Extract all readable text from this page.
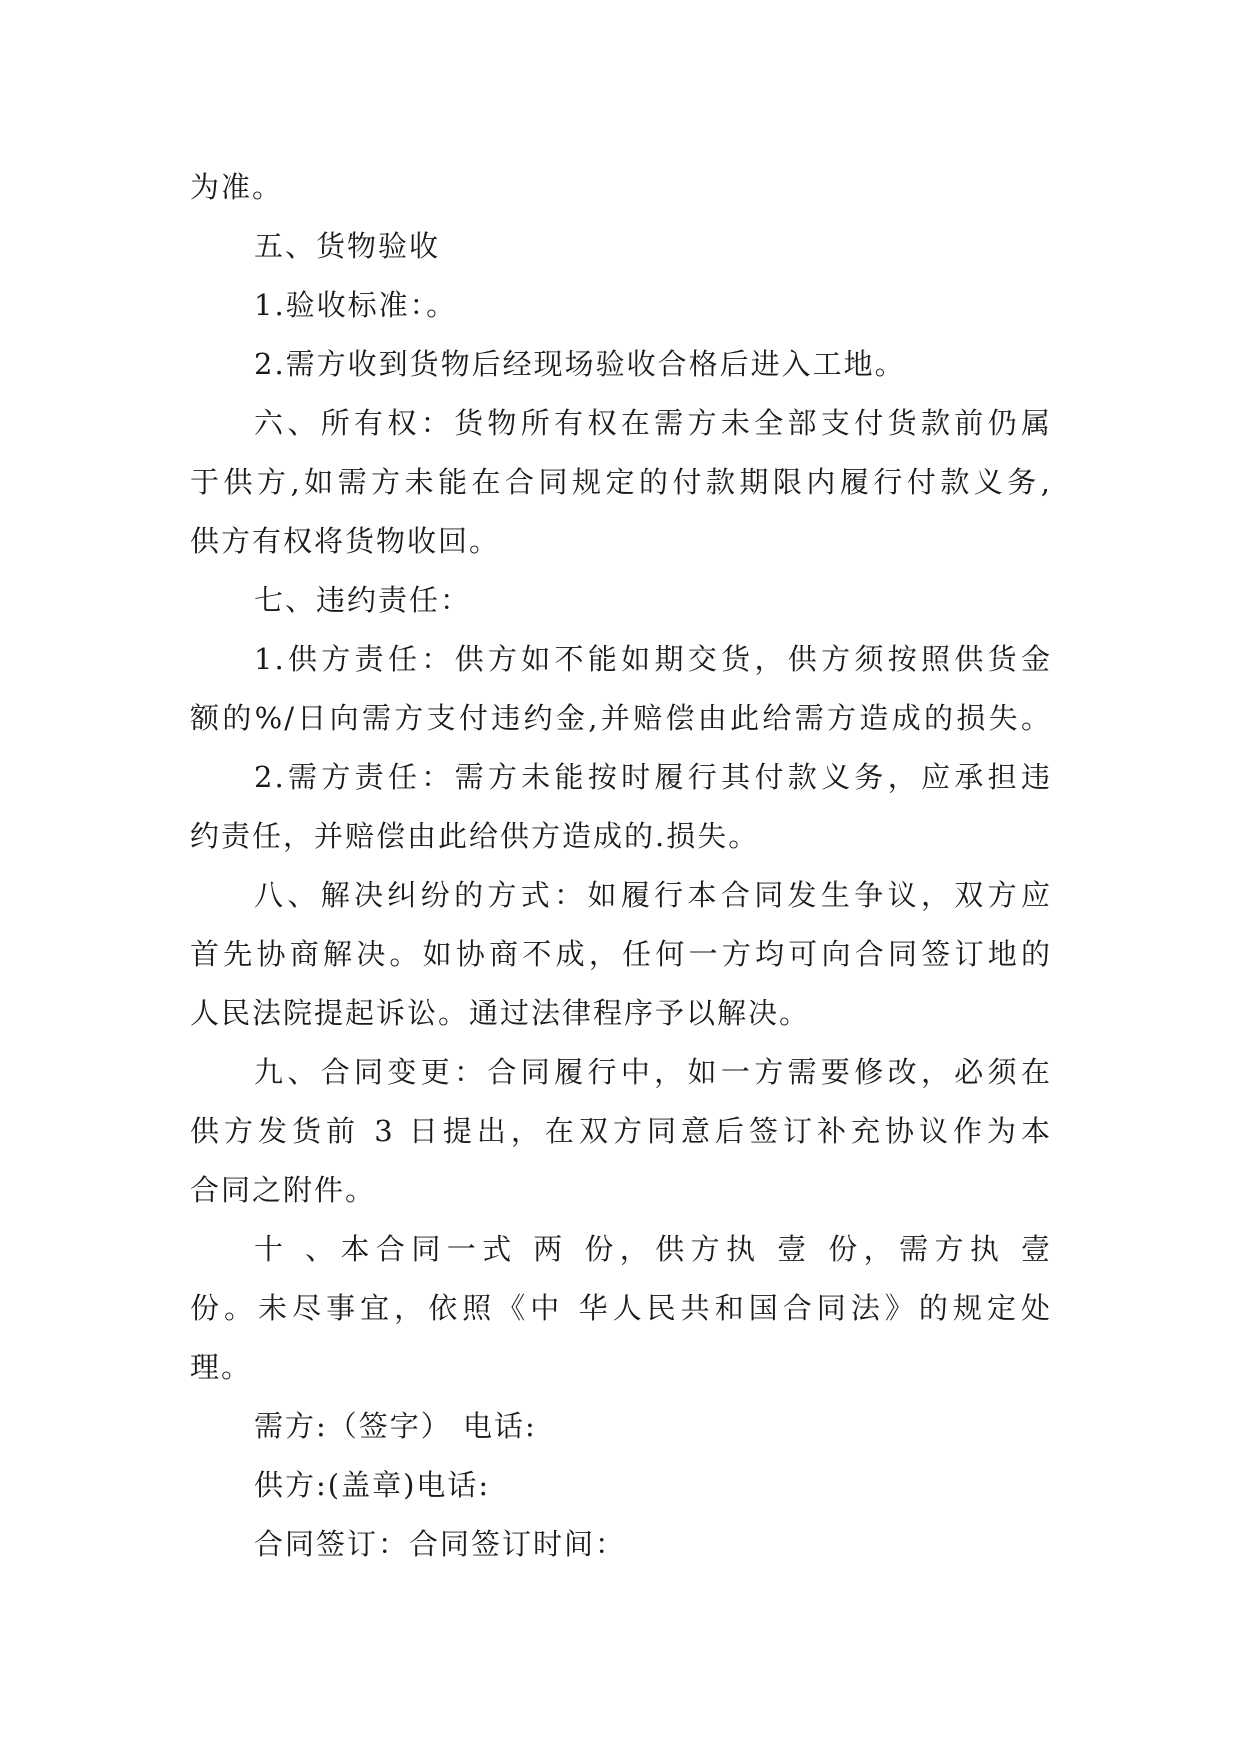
为准。
五、货物验收
1.验收标准：。
2.需方收到货物后经现场验收合格后进入工地。
六、所有权：货物所有权在需方未全部支付货款前仍属
于供方,如需方未能在合同规定的付款期限内履行付款义务,
供方有权将货物收回。
七、违约责任：
1.供方责任：供方如不能如期交货，供方须按照供货金
额的%/日向需方支付违约金,并赔偿由此给需方造成的损失。
2.需方责任：需方未能按时履行其付款义务，应承担违
约责任，并赔偿由此给供方造成的.损失。
八、解决纠纷的方式：如履行本合同发生争议，双方应
首先协商解决。如协商不成，任何一方均可向合同签订地的
人民法院提起诉讼。通过法律程序予以解决。
九、合同变更：合同履行中，如一方需要修改，必须在
供方发货前 3 日提出，在双方同意后签订补充协议作为本
合同之附件。
十 、本合同一式 两 份，供方执 壹 份，需方执 壹
份。未尽事宜，依照《中 华人民共和国合同法》的规定处
理。
需方:（签字） 电话:
供方:(盖章)电话:
合同签订：合同签订时间：
